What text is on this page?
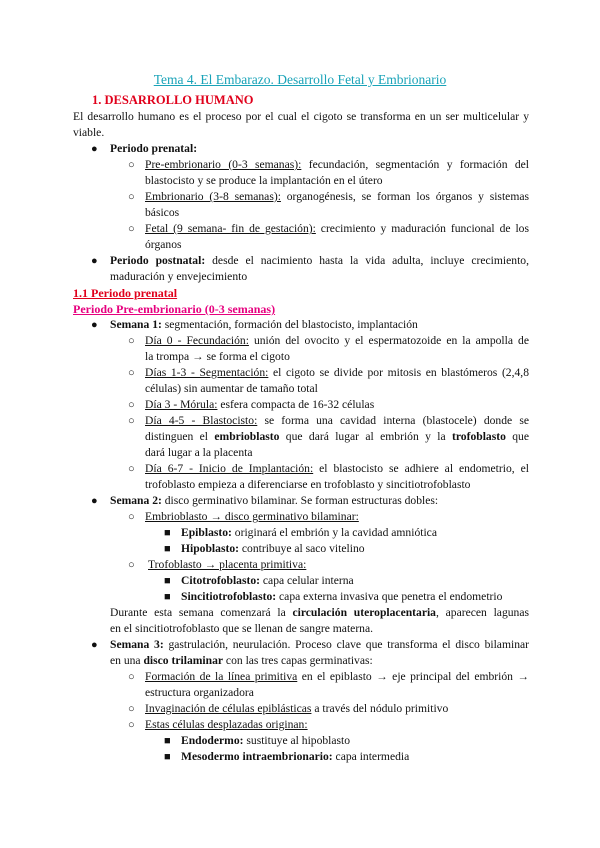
Tema 4. El Embarazo. Desarrollo Fetal y Embrionario
1. DESARROLLO HUMANO
El desarrollo humano es el proceso por el cual el cigoto se transforma en un ser multicelular y
viable.
● Periodo prenatal:
○ Pre-embrionario (0-3 semanas): fecundación, segmentación y formación del
blastocisto y se produce la implantación en el útero
○ Embrionario (3-8 semanas): organogénesis, se forman los órganos y sistemas
básicos
○ Fetal (9 semana- fin de gestación): crecimiento y maduración funcional de los
órganos
● Periodo postnatal: desde el nacimiento hasta la vida adulta, incluye crecimiento,
maduración y envejecimiento
1.1 Periodo prenatal
Periodo Pre-embrionario (0-3 semanas)
● Semana 1: segmentación, formación del blastocisto, implantación
○ Día 0 - Fecundación: unión del ovocito y el espermatozoide en la ampolla de
la trompa → se forma el cigoto
○ Días 1-3 - Segmentación: el cigoto se divide por mitosis en blastómeros (2,4,8
células) sin aumentar de tamaño total
○ Día 3 - Mórula: esfera compacta de 16-32 células
○ Día 4-5 - Blastocisto: se forma una cavidad interna (blastocele) donde se
distinguen el embrioblasto que dará lugar al embrión y la trofoblasto que
dará lugar a la placenta
○ Día 6-7 - Inicio de Implantación: el blastocisto se adhiere al endometrio, el
trofoblasto empieza a diferenciarse en trofoblasto y sincitiotrofoblasto
● Semana 2: disco germinativo bilaminar. Se forman estructuras dobles:
○ Embrioblasto → disco germinativo bilaminar:
■ Epiblasto: originará el embrión y la cavidad amniótica
■ Hipoblasto: contribuye al saco vitelino
○ Trofoblasto → placenta primitiva:
■ Citotrofoblasto: capa celular interna
■ Sincitiotrofoblasto: capa externa invasiva que penetra el endometrio
Durante esta semana comenzará la circulación uteroplacentaria, aparecen lagunas
en el sincitiotrofoblasto que se llenan de sangre materna.
● Semana 3: gastrulación, neurulación. Proceso clave que transforma el disco bilaminar
en una disco trilaminar con las tres capas germinativas:
○ Formación de la línea primitiva en el epiblasto → eje principal del embrión →
estructura organizadora
○ Invaginación de células epiblásticas a través del nódulo primitivo
○ Estas células desplazadas originan:
■ Endodermo: sustituye al hipoblasto
■ Mesodermo intraembrionario: capa intermedia
